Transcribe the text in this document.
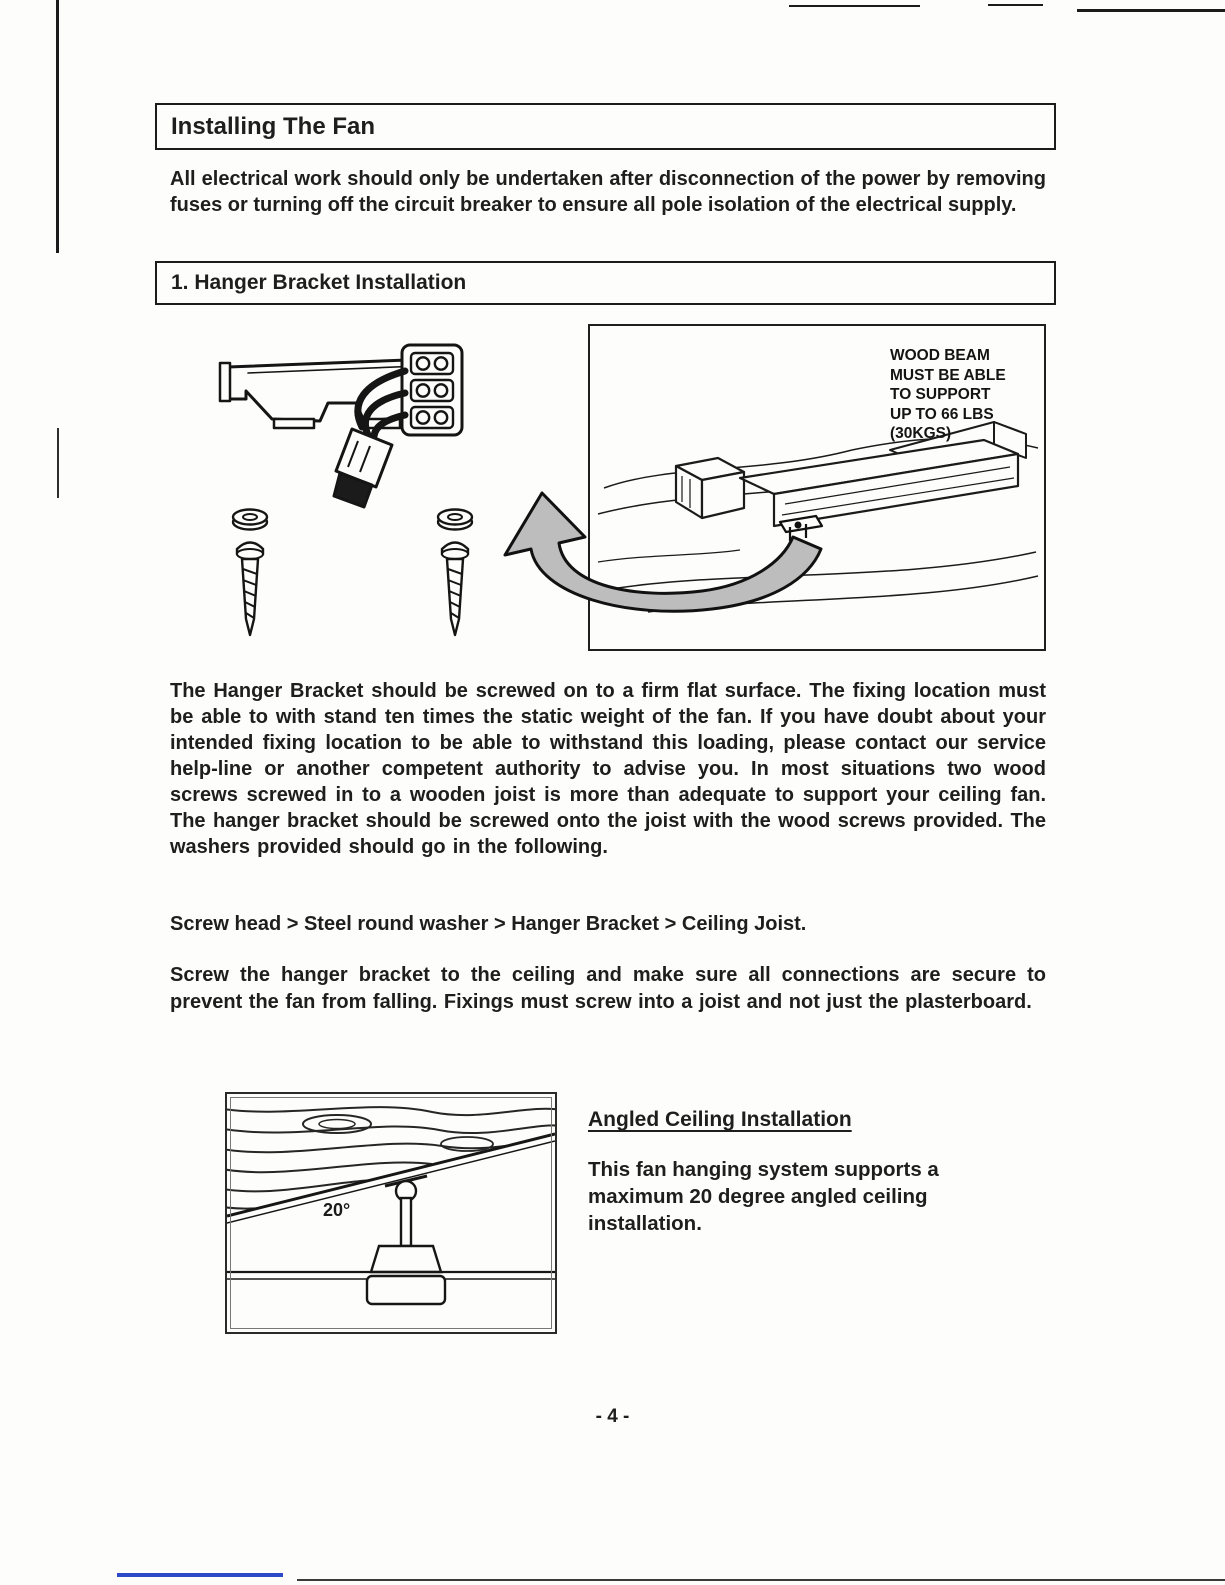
Installing The Fan

All electrical work should only be undertaken after disconnection of the power by removing fuses or turning off the circuit breaker to ensure all pole isolation of the electrical supply.

1. Hanger Bracket Installation
WOOD BEAM
MUST BE ABLE
TO SUPPORT
UP TO 66 LBS
(30KGS)

The Hanger Bracket should be screwed on to a firm flat surface. The fixing location must be able to with stand ten times the static weight of the fan. If you have doubt about your intended fixing location to be able to withstand this loading, please contact our service help-line or another competent authority to advise you. In most situations two wood screws screwed in to a wooden joist is more than adequate to support your ceiling fan. The hanger bracket should be screwed onto the joist with the wood screws provided. The washers provided should go in the following.

Screw head > Steel round washer > Hanger Bracket > Ceiling Joist.

Screw the hanger bracket to the ceiling and make sure all connections are secure to prevent the fan from falling. Fixings must screw into a joist and not just the plasterboard.

20°
Angled Ceiling Installation

This fan hanging system supports a maximum 20 degree angled ceiling installation.

- 4 -
